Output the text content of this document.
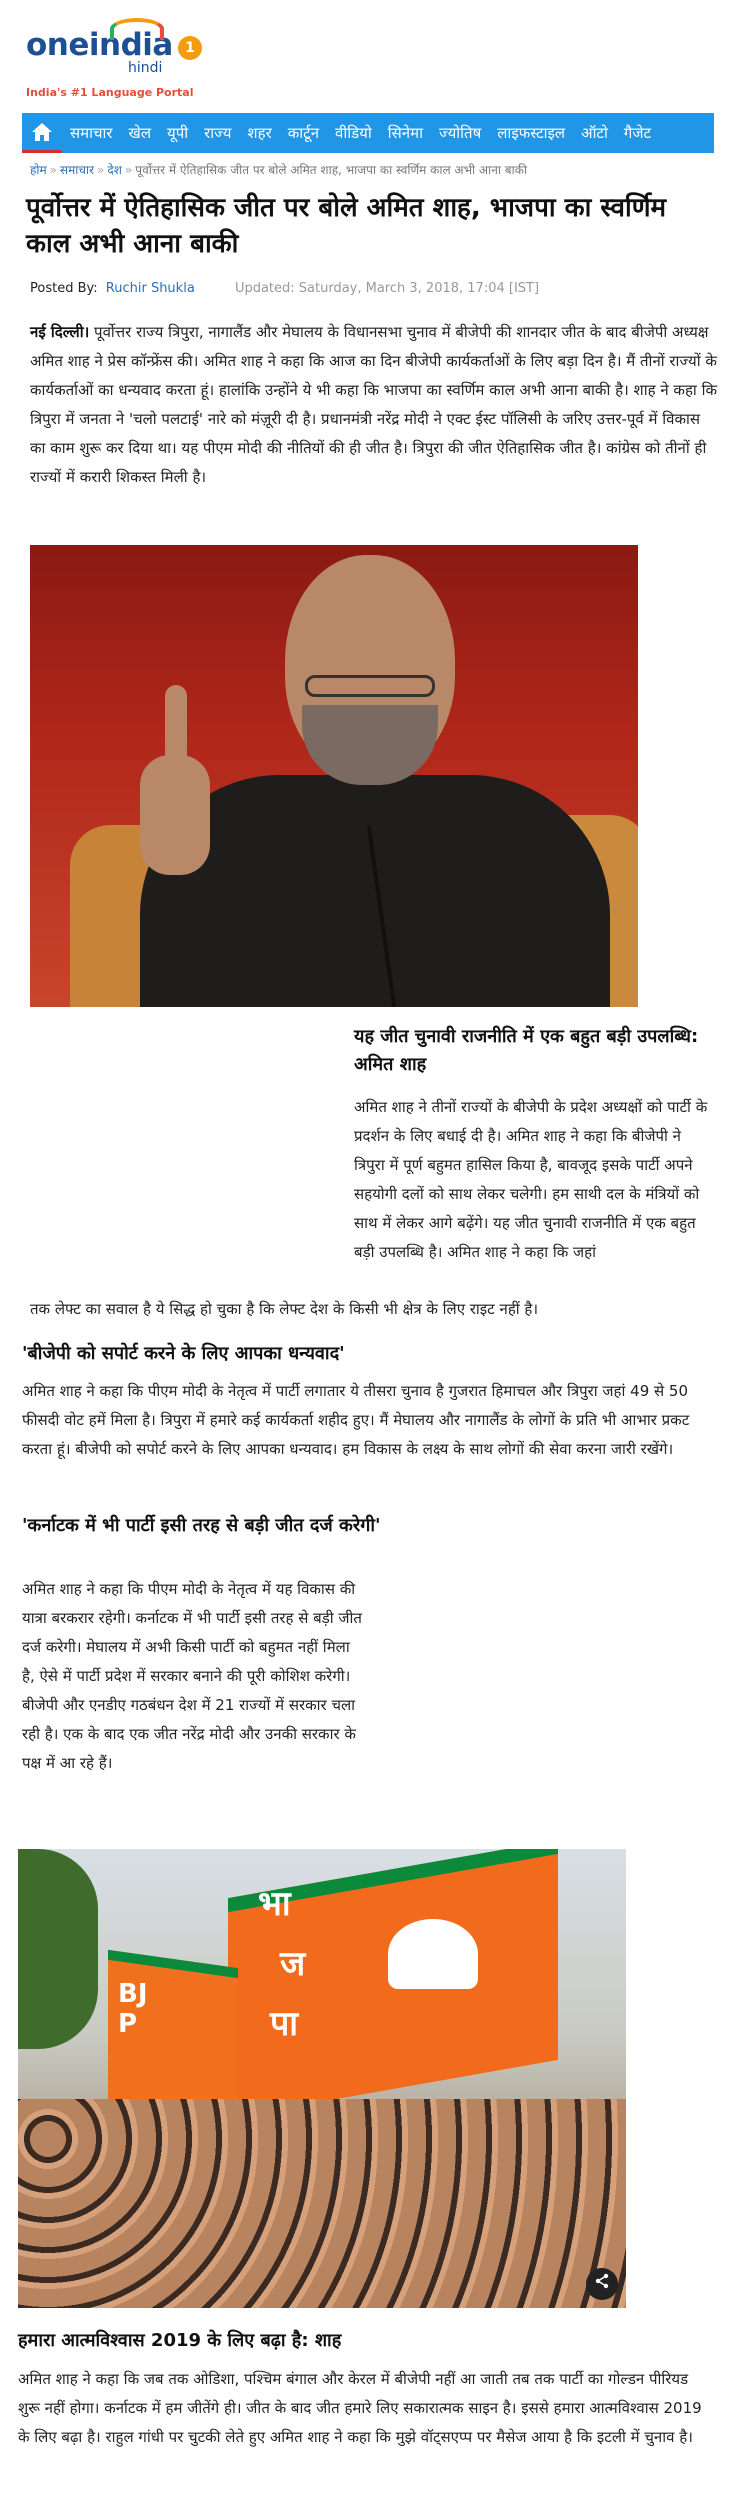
oneindia
hindi
1
India's #1 Language Portal
समाचार	खेल	यूपी	राज्य	शहर	कार्टून	वीडियो	सिनेमा	ज्योतिष	लाइफस्टाइल	ऑटो	गैजेट
होम » समाचार » देश » पूर्वोत्तर में ऐतिहासिक जीत पर बोले अमित शाह, भाजपा का स्वर्णिम काल अभी आना बाकी
पूर्वोत्तर में ऐतिहासिक जीत पर बोले अमित शाह, भाजपा का स्वर्णिम काल अभी आना बाकी
Posted By: Ruchir Shukla	Updated: Saturday, March 3, 2018, 17:04 [IST]

नई दिल्ली। पूर्वोत्तर राज्य त्रिपुरा, नागालैंड और मेघालय के विधानसभा चुनाव में बीजेपी की शानदार जीत के बाद बीजेपी अध्यक्ष अमित शाह ने प्रेस कॉन्फ्रेंस की। अमित शाह ने कहा कि आज का दिन बीजेपी कार्यकर्ताओं के लिए बड़ा दिन है। मैं तीनों राज्यों के कार्यकर्ताओं का धन्यवाद करता हूं। हालांकि उन्होंने ये भी कहा कि भाजपा का स्वर्णिम काल अभी आना बाकी है। शाह ने कहा कि त्रिपुरा में जनता ने 'चलो पलटाई' नारे को मंज़ूरी दी है। प्रधानमंत्री नरेंद्र मोदी ने एक्ट ईस्ट पॉलिसी के जरिए उत्तर-पूर्व में विकास का काम शुरू कर दिया था। यह पीएम मोदी की नीतियों की ही जीत है। त्रिपुरा की जीत ऐतिहासिक जीत है। कांग्रेस को तीनों ही राज्यों में करारी शिकस्त मिली है।

यह जीत चुनावी राजनीति में एक बहुत बड़ी उपलब्धि: अमित शाह

अमित शाह ने तीनों राज्यों के बीजेपी के प्रदेश अध्यक्षों को पार्टी के प्रदर्शन के लिए बधाई दी है। अमित शाह ने कहा कि बीजेपी ने त्रिपुरा में पूर्ण बहुमत हासिल किया है, बावजूद इसके पार्टी अपने सहयोगी दलों को साथ लेकर चलेगी। हम साथी दल के मंत्रियों को साथ में लेकर आगे बढ़ेंगे। यह जीत चुनावी राजनीति में एक बहुत बड़ी उपलब्धि है। अमित शाह ने कहा कि जहां

तक लेफ्ट का सवाल है ये सिद्ध हो चुका है कि लेफ्ट देश के किसी भी क्षेत्र के लिए राइट नहीं है।

'बीजेपी को सपोर्ट करने के लिए आपका धन्यवाद'

अमित शाह ने कहा कि पीएम मोदी के नेतृत्व में पार्टी लगातार ये तीसरा चुनाव है गुजरात हिमाचल और त्रिपुरा जहां 49 से 50 फीसदी वोट हमें मिला है। त्रिपुरा में हमारे कई कार्यकर्ता शहीद हुए। मैं मेघालय और नागालैंड के लोगों के प्रति भी आभार प्रकट करता हूं। बीजेपी को सपोर्ट करने के लिए आपका धन्यवाद। हम विकास के लक्ष्य के साथ लोगों की सेवा करना जारी रखेंगे।

'कर्नाटक में भी पार्टी इसी तरह से बड़ी जीत दर्ज करेगी'

अमित शाह ने कहा कि पीएम मोदी के नेतृत्व में यह विकास की यात्रा बरकरार रहेगी। कर्नाटक में भी पार्टी इसी तरह से बड़ी जीत दर्ज करेगी। मेघालय में अभी किसी पार्टी को बहुमत नहीं मिला है, ऐसे में पार्टी प्रदेश में सरकार बनाने की पूरी कोशिश करेगी। बीजेपी और एनडीए गठबंधन देश में 21 राज्यों में सरकार चला रही है। एक के बाद एक जीत नरेंद्र मोदी और उनकी सरकार के पक्ष में आ रहे हैं।

भा
ज
पा
BJP
हमारा आत्मविश्वास 2019 के लिए बढ़ा है: शाह

अमित शाह ने कहा कि जब तक ओडिशा, पश्चिम बंगाल और केरल में बीजेपी नहीं आ जाती तब तक पार्टी का गोल्डन पीरियड शुरू नहीं होगा। कर्नाटक में हम जीतेंगे ही। जीत के बाद जीत हमारे लिए सकारात्मक साइन है। इससे हमारा आत्मविश्वास 2019 के लिए बढ़ा है। राहुल गांधी पर चुटकी लेते हुए अमित शाह ने कहा कि मुझे वॉट्सएप्प पर मैसेज आया है कि इटली में चुनाव है।
